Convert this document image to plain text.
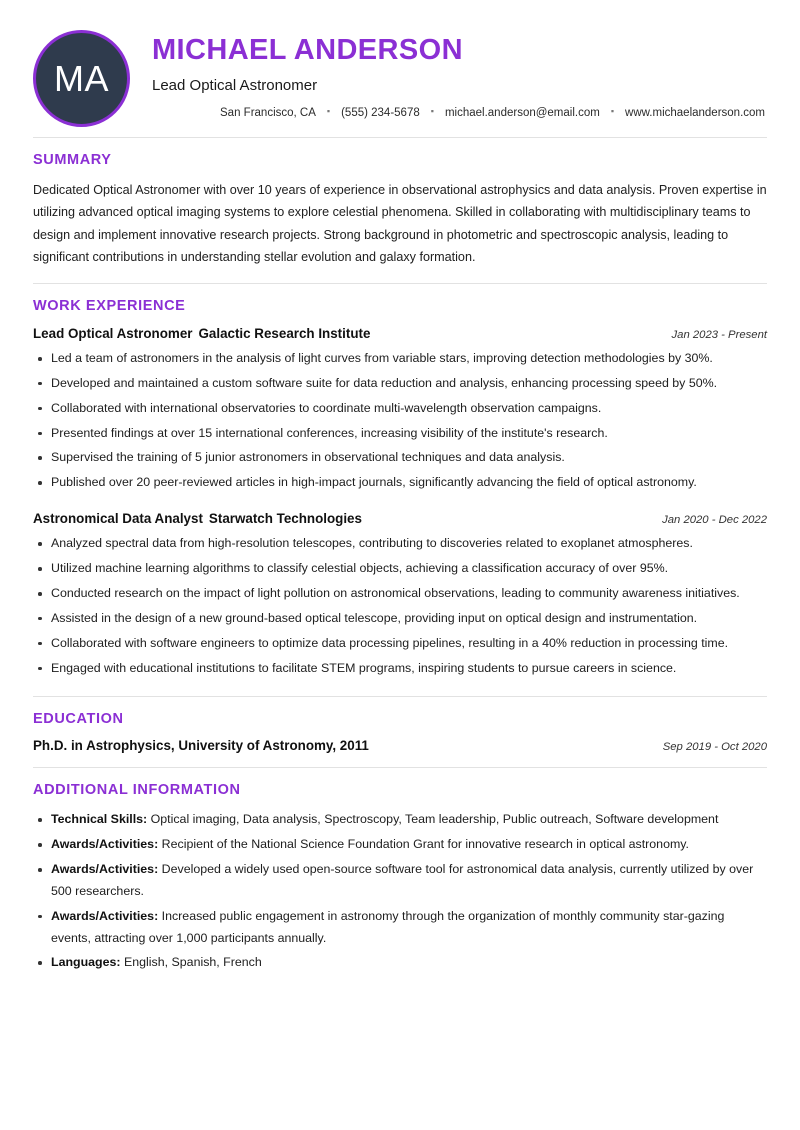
MA
MICHAEL ANDERSON
Lead Optical Astronomer
San Francisco, CA ▪ (555) 234-5678 ▪ michael.anderson@email.com ▪ www.michaelanderson.com
SUMMARY

Dedicated Optical Astronomer with over 10 years of experience in observational astrophysics and data analysis. Proven expertise in utilizing advanced optical imaging systems to explore celestial phenomena. Skilled in collaborating with multidisciplinary teams to design and implement innovative research projects. Strong background in photometric and spectroscopic analysis, leading to significant contributions in understanding stellar evolution and galaxy formation.

WORK EXPERIENCE
Lead Optical Astronomer Galactic Research Institute	Jan 2023 - Present
Led a team of astronomers in the analysis of light curves from variable stars, improving detection methodologies by 30%.
Developed and maintained a custom software suite for data reduction and analysis, enhancing processing speed by 50%.
Collaborated with international observatories to coordinate multi-wavelength observation campaigns.
Presented findings at over 15 international conferences, increasing visibility of the institute's research.
Supervised the training of 5 junior astronomers in observational techniques and data analysis.
Published over 20 peer-reviewed articles in high-impact journals, significantly advancing the field of optical astronomy.
Astronomical Data Analyst Starwatch Technologies	Jan 2020 - Dec 2022
Analyzed spectral data from high-resolution telescopes, contributing to discoveries related to exoplanet atmospheres.
Utilized machine learning algorithms to classify celestial objects, achieving a classification accuracy of over 95%.
Conducted research on the impact of light pollution on astronomical observations, leading to community awareness initiatives.
Assisted in the design of a new ground-based optical telescope, providing input on optical design and instrumentation.
Collaborated with software engineers to optimize data processing pipelines, resulting in a 40% reduction in processing time.
Engaged with educational institutions to facilitate STEM programs, inspiring students to pursue careers in science.
EDUCATION
Ph.D. in Astrophysics, University of Astronomy, 2011	Sep 2019 - Oct 2020
ADDITIONAL INFORMATION
Technical Skills: Optical imaging, Data analysis, Spectroscopy, Team leadership, Public outreach, Software development
Awards/Activities: Recipient of the National Science Foundation Grant for innovative research in optical astronomy.
Awards/Activities: Developed a widely used open-source software tool for astronomical data analysis, currently utilized by over 500 researchers.
Awards/Activities: Increased public engagement in astronomy through the organization of monthly community star-gazing events, attracting over 1,000 participants annually.
Languages: English, Spanish, French
